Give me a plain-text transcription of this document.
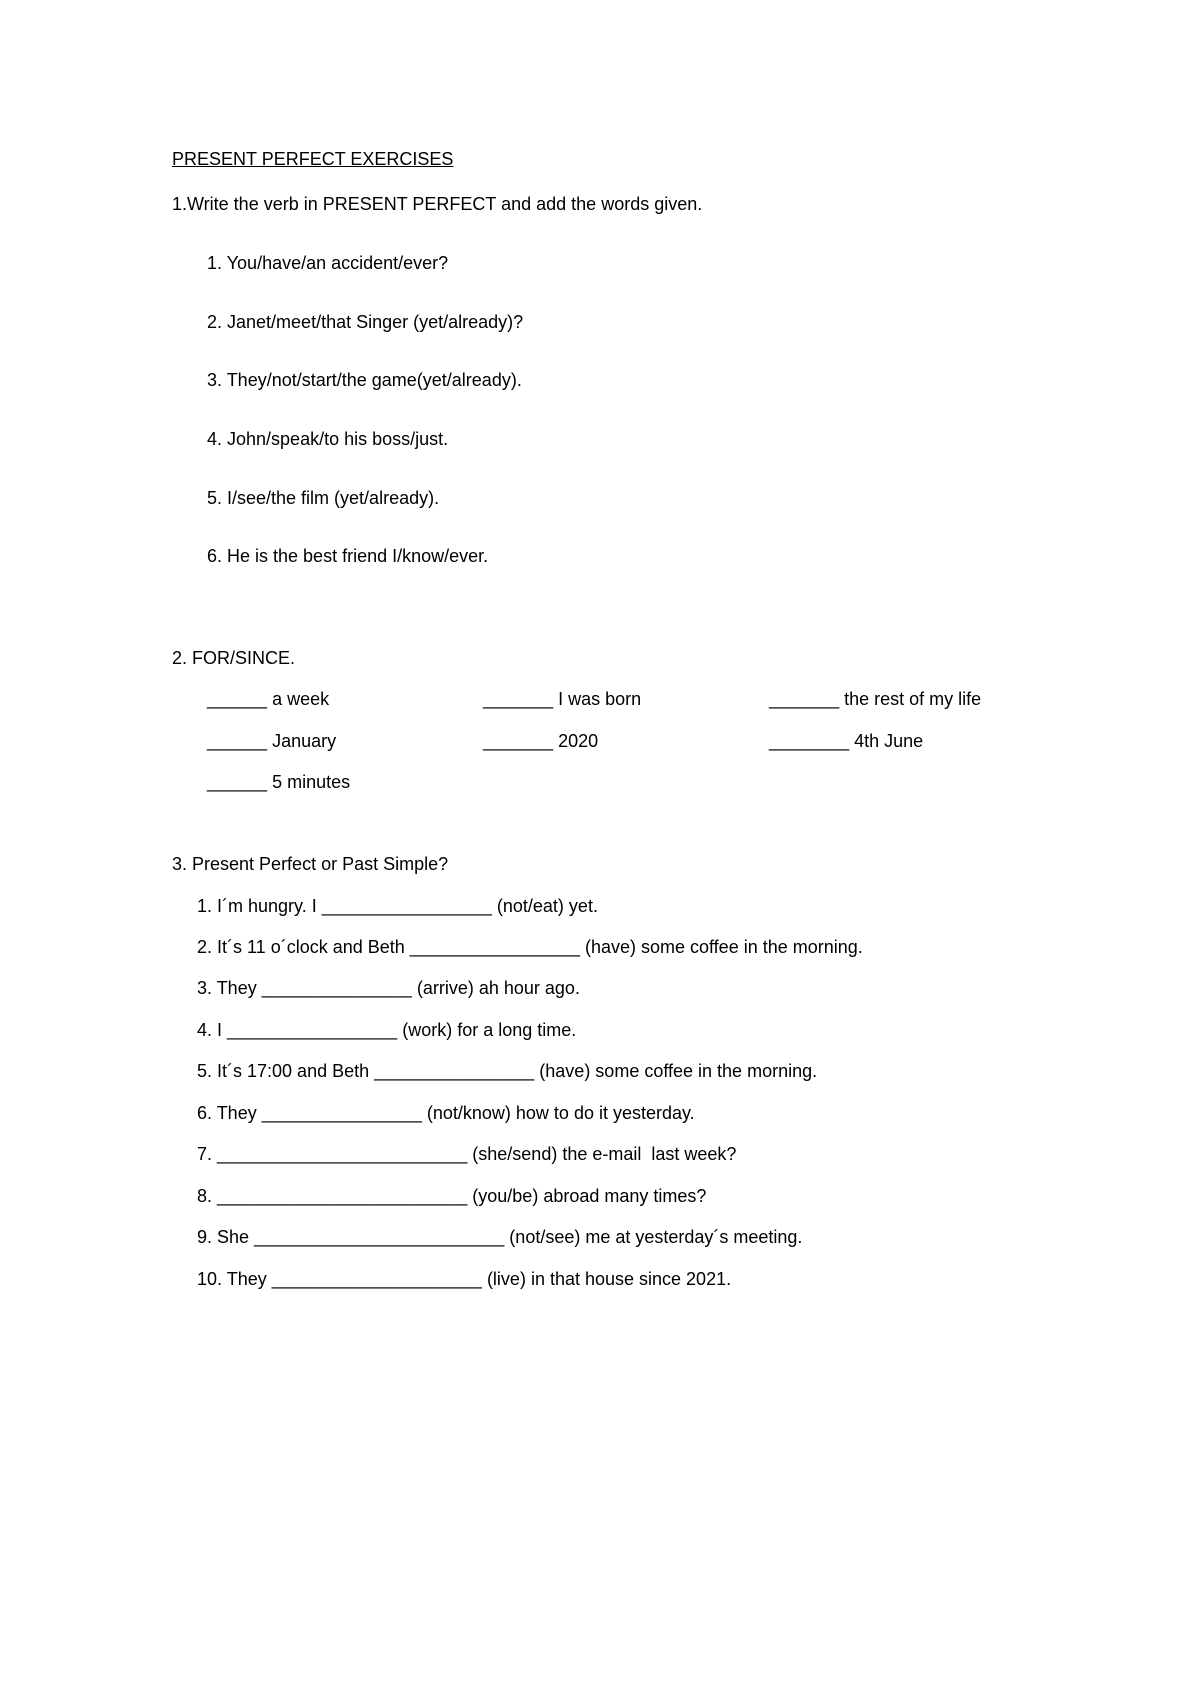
PRESENT PERFECT EXERCISES
1.Write the verb in PRESENT PERFECT and add the words given.
1. You/have/an accident/ever?
2. Janet/meet/that Singer (yet/already)?
3. They/not/start/the game(yet/already).
4. John/speak/to his boss/just.
5. I/see/the film (yet/already).
6. He is the best friend I/know/ever.
2. FOR/SINCE.
______ a week	_______ I was born	_______ the rest of my life
______ January	_______ 2020	________ 4th June
______ 5 minutes
3. Present Perfect or Past Simple?
1. I´m hungry. I _________________ (not/eat) yet.
2. It´s 11 o´clock and Beth _________________ (have) some coffee in the morning.
3. They _______________ (arrive) ah hour ago.
4. I _________________ (work) for a long time.
5. It´s 17:00 and Beth ________________ (have) some coffee in the morning.
6. They ________________ (not/know) how to do it yesterday.
7. _________________________ (she/send) the e-mail  last week?
8. _________________________ (you/be) abroad many times?
9. She _________________________ (not/see) me at yesterday´s meeting.
10. They _____________________ (live) in that house since 2021.
